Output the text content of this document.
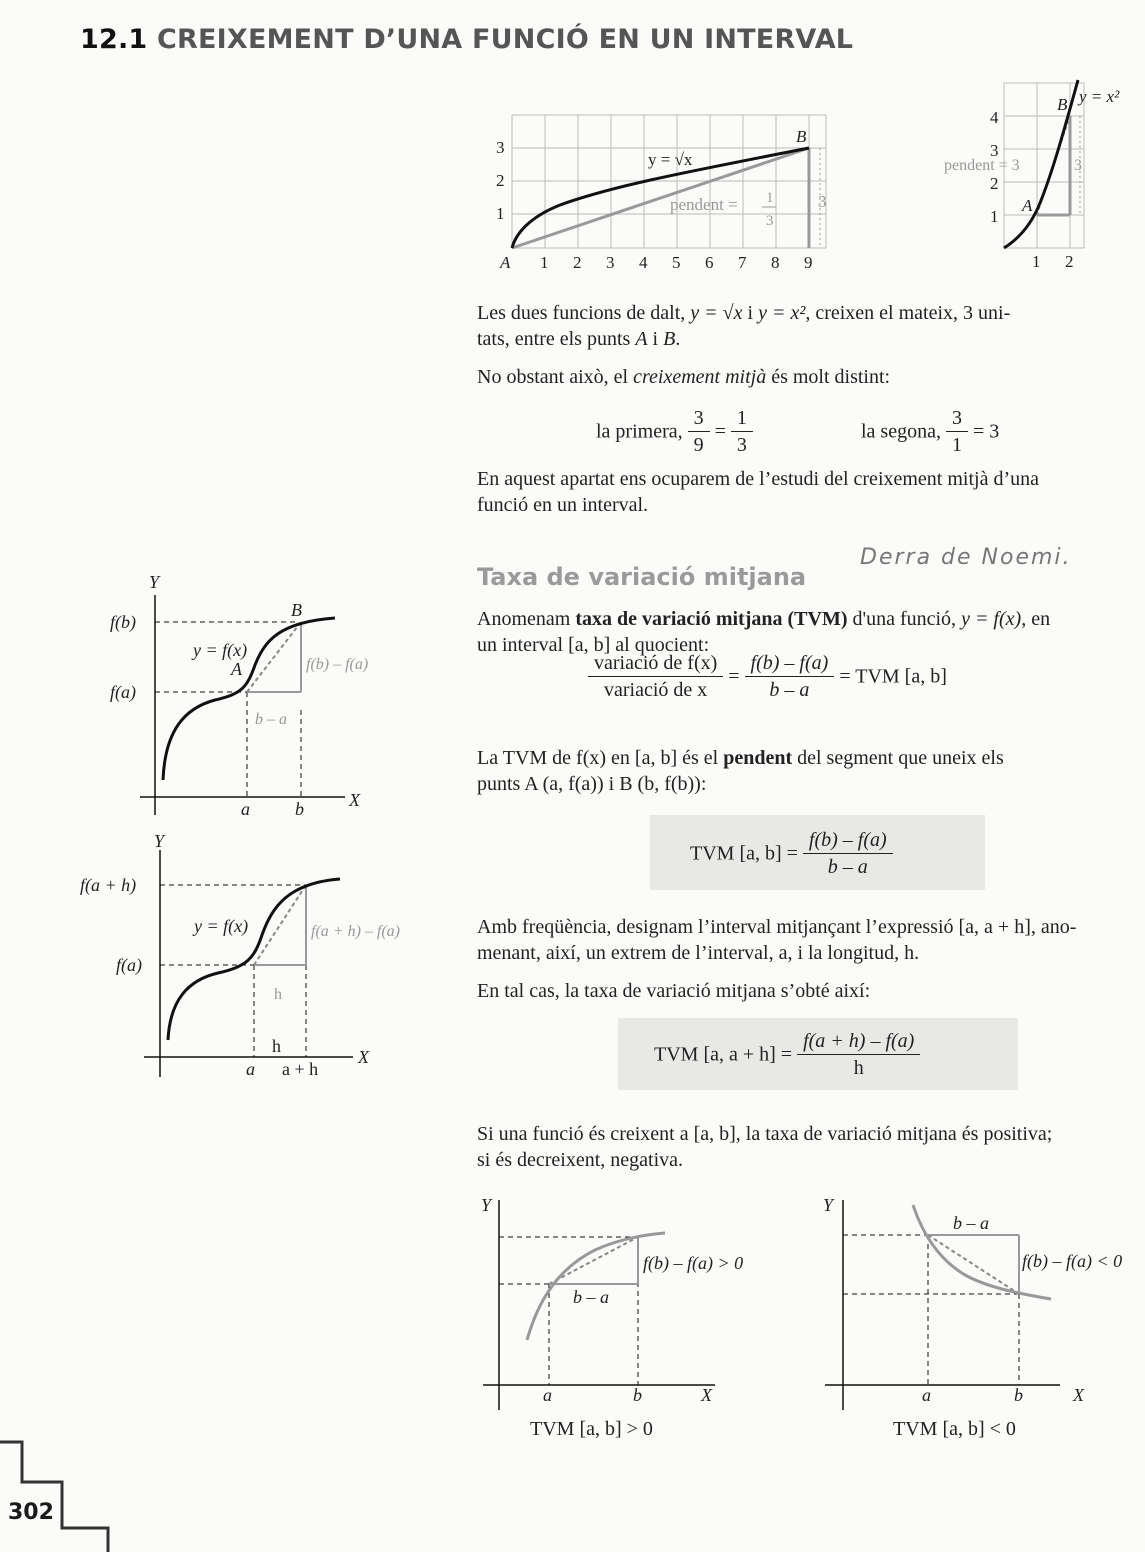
12.1 CREIXEMENT D’UNA FUNCIÓ EN UN INTERVAL
1
2
3
A 1 2 3 4 5 6 7 8 9
B
y = √x
pendent = 1
3
3
1
2
3
4
1 2
A
B y = x²
pendent = 3	3
Les dues funcions de dalt, y = √x i y = x², creixen el mateix, 3 uni-
tats, entre els punts A i B.
No obstant això, el creixement mitjà és molt distint:
la primera, $\frac{3}{9} = \frac{1}{3}$	la segona, $\frac{3}{1} = 3$
En aquest apartat ens ocuparem de l’estudi del creixement mitjà d’una
funció en un interval.
Taxa de variació mitjana
Derra de Noemi.
Anomenam taxa de variació mitjana (TVM) d'una funció, y = f(x), en
un interval [a, b] al quocient:
$\frac{\text{variació de f(x)}}{\text{variació de x}} = \frac{f(b) - f(a)}{b - a}$ = TVM [a, b]
La TVM de f(x) en [a, b] és el pendent del segment que uneix els
punts A (a, f(a)) i B (b, f(b)):
TVM [a, $b] = \frac{f(b) - f(a)}{b - a}$
Amb freqüència, designam l’interval mitjançant l’expressió [a, a + h], ano-
menant, així, un extrem de l’interval, a, i la longitud, h.
En tal cas, la taxa de variació mitjana s’obté així:
TVM [a, $a + h] = \frac{f(a + h) - f(a)}{h}$
Si una funció és creixent a [a, b], la taxa de variació mitjana és positiva;
si és decreixent, negativa.
Y
X
f(b)
f(a)
A
B
y = f(x)
a	b
f(b) – f(a)
b – a
Y
X
f(a + h)
f(a)
y = f(x)
h
a a + h
f(a + h) – f(a)
h
Y
X
f(b) – f(a) > 0
b – a
a	b
TVM [a, b] > 0
Y
X
b – a
f(b) – f(a) < 0
a	b
TVM [a, b] < 0
302
